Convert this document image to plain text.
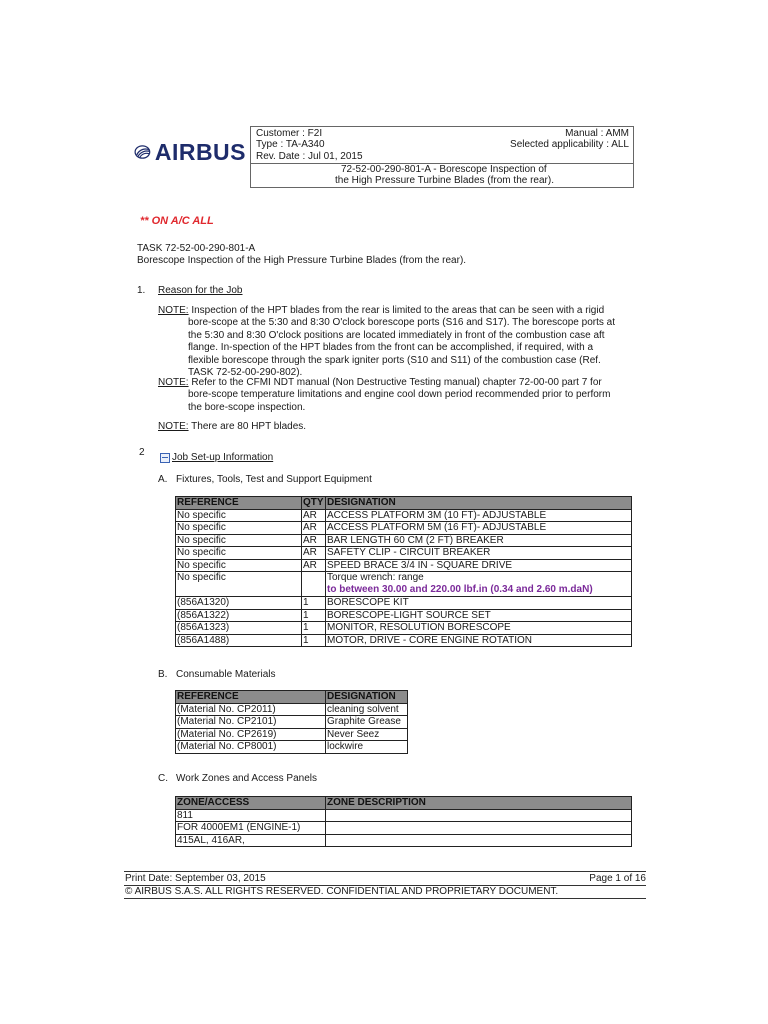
AIRBUS
Customer : F2I
Type : TA-A340
Rev. Date : Jul 01, 2015
Manual : AMM
Selected applicability : ALL
72-52-00-290-801-A - Borescope Inspection of
the High Pressure Turbine Blades (from the rear).
** ON A/C ALL
TASK 72-52-00-290-801-A
Borescope Inspection of the High Pressure Turbine Blades (from the rear).
1. Reason for the Job
NOTE: Inspection of the HPT blades from the rear is limited to the areas that can be seen with a rigid bore-scope at the 5:30 and 8:30 O'clock borescope ports (S16 and S17). The borescope ports at the 5:30 and 8:30 O'clock positions are located immediately in front of the combustion case aft flange. In-spection of the HPT blades from the front can be accomplished, if required, with a flexible borescope through the spark igniter ports (S10 and S11) of the combustion case (Ref. TASK 72-52-00-290-802).
NOTE: Refer to the CFMI NDT manual (Non Destructive Testing manual) chapter 72-00-00 part 7 for bore-scope temperature limitations and engine cool down period recommended prior to perform the bore-scope inspection.
NOTE: There are 80 HPT blades.
2	Job Set-up Information
A. Fixtures, Tools, Test and Support Equipment
REFERENCE	QTY	DESIGNATION
No specific	AR	ACCESS PLATFORM 3M (10 FT)- ADJUSTABLE
No specific	AR	ACCESS PLATFORM 5M (16 FT)- ADJUSTABLE
No specific	AR	BAR LENGTH 60 CM (2 FT) BREAKER
No specific	AR	SAFETY CLIP - CIRCUIT BREAKER
No specific	AR	SPEED BRACE 3/4 IN - SQUARE DRIVE
No specific		Torque wrench: range
to between 30.00 and 220.00 lbf.in (0.34 and 2.60 m.daN)

(856A1320)	1	BORESCOPE KIT
(856A1322)	1	BORESCOPE-LIGHT SOURCE SET
(856A1323)	1	MONITOR, RESOLUTION BORESCOPE
(856A1488)	1	MOTOR, DRIVE - CORE ENGINE ROTATION
B. Consumable Materials
REFERENCE	DESIGNATION
(Material No. CP2011)	cleaning solvent
(Material No. CP2101)	Graphite Grease
(Material No. CP2619)	Never Seez
(Material No. CP8001)	lockwire
C. Work Zones and Access Panels
ZONE/ACCESS	ZONE DESCRIPTION
811	
FOR 4000EM1 (ENGINE-1)	
415AL, 416AR,	
Print Date: September 03, 2015	Page 1 of 16
© AIRBUS S.A.S. ALL RIGHTS RESERVED. CONFIDENTIAL AND PROPRIETARY DOCUMENT.
